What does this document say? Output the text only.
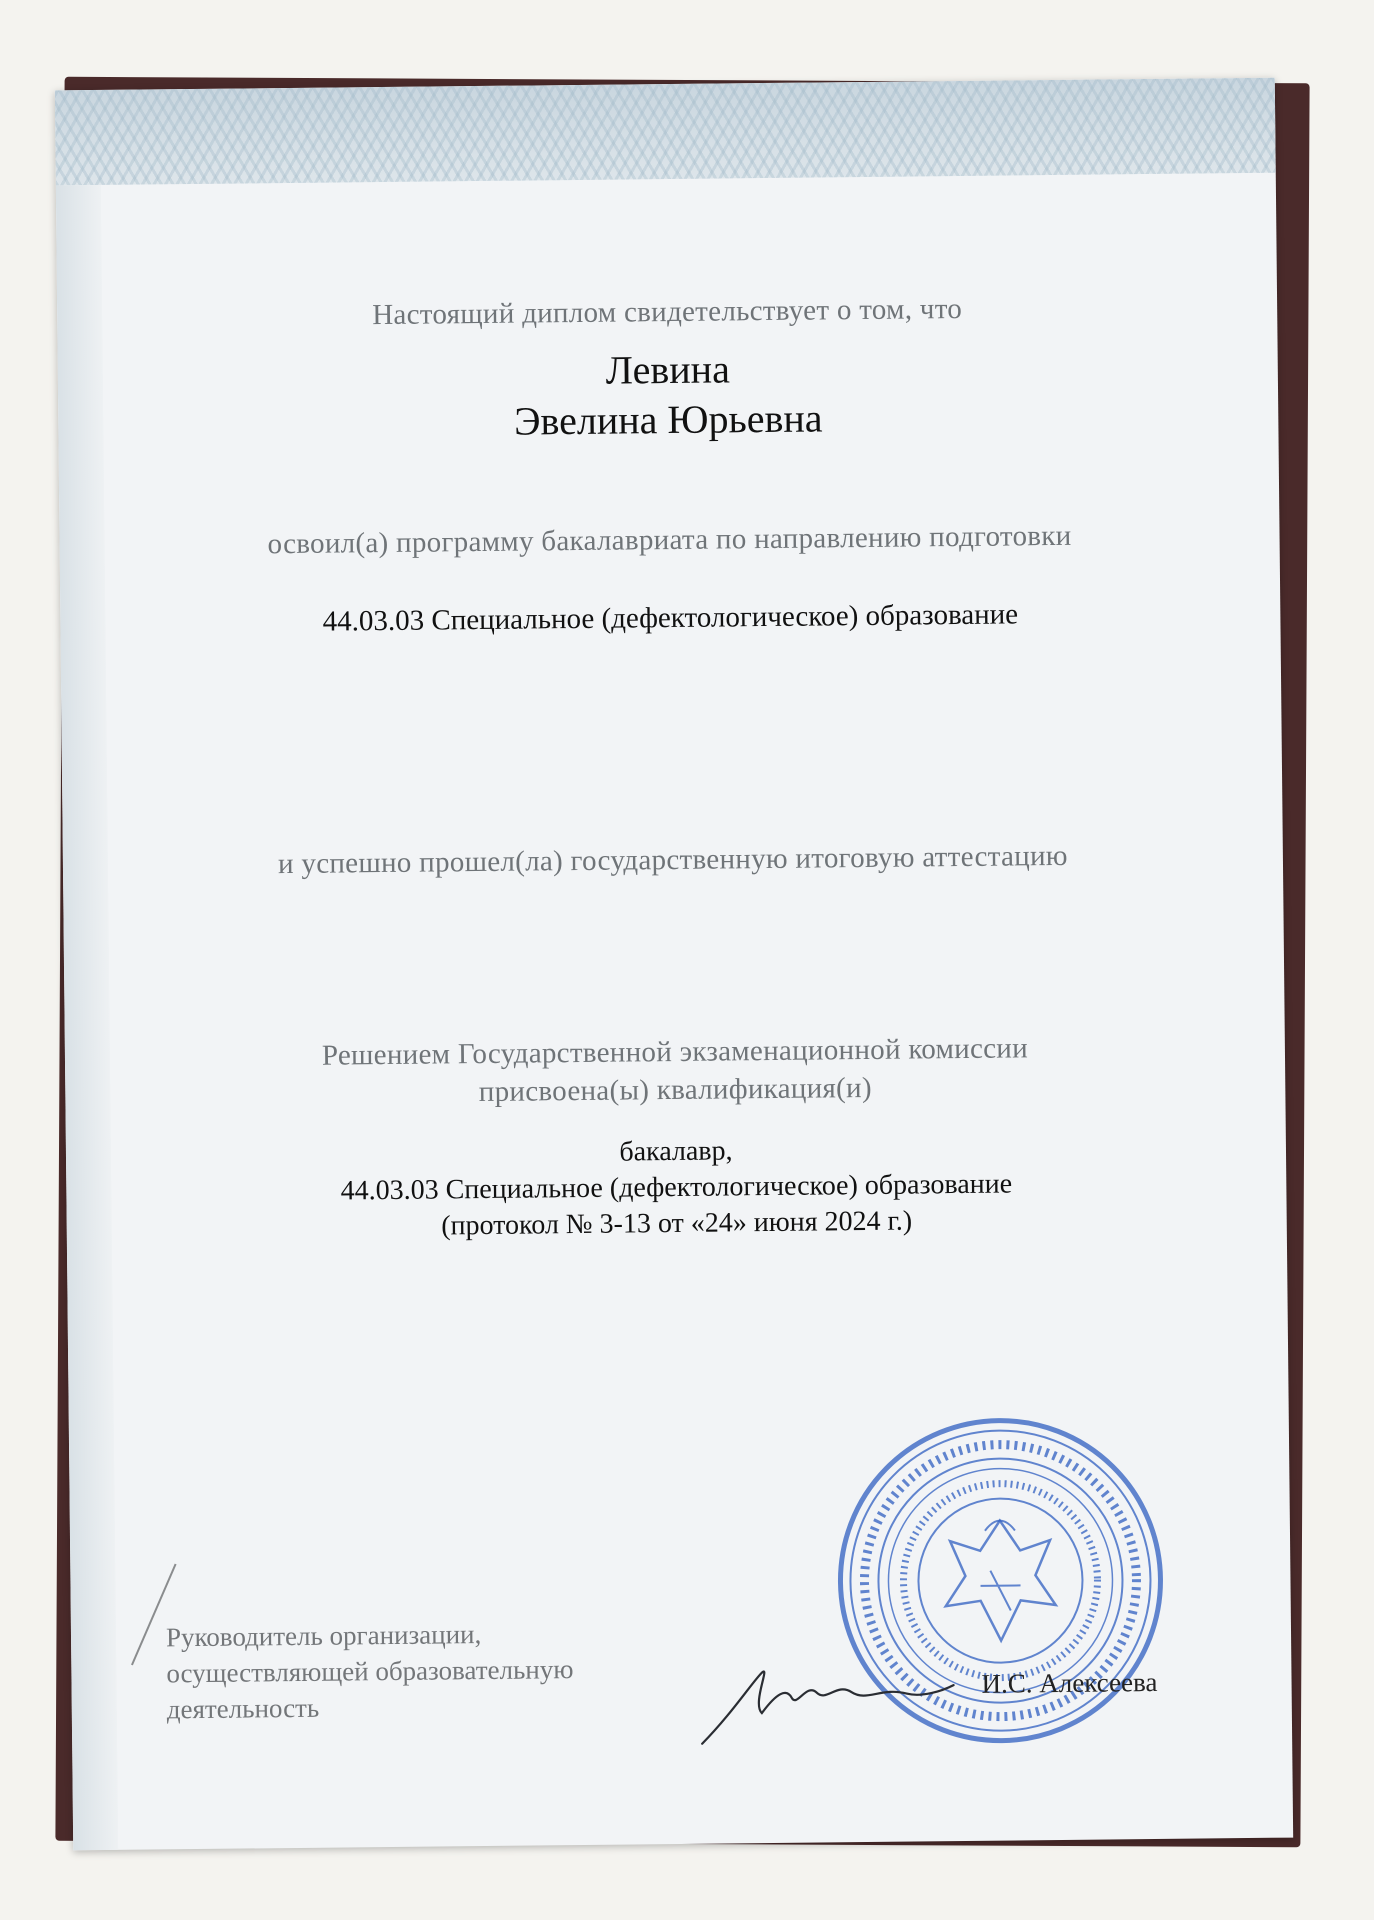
Настоящий диплом свидетельствует о том, что

Левина

Эвелина Юрьевна

освоил(а) программу бакалавриата по направлению подготовки

44.03.03 Специальное (дефектологическое) образование

и успешно прошел(ла) государственную итоговую аттестацию

Решением Государственной экзаменационной комиссии

присвоена(ы) квалификация(и)

бакалавр,

44.03.03 Специальное (дефектологическое) образование

(протокол № 3-13 от «24» июня 2024 г.)

Руководитель организации,
осуществляющей образовательную
деятельность
И.С. Алексеева
